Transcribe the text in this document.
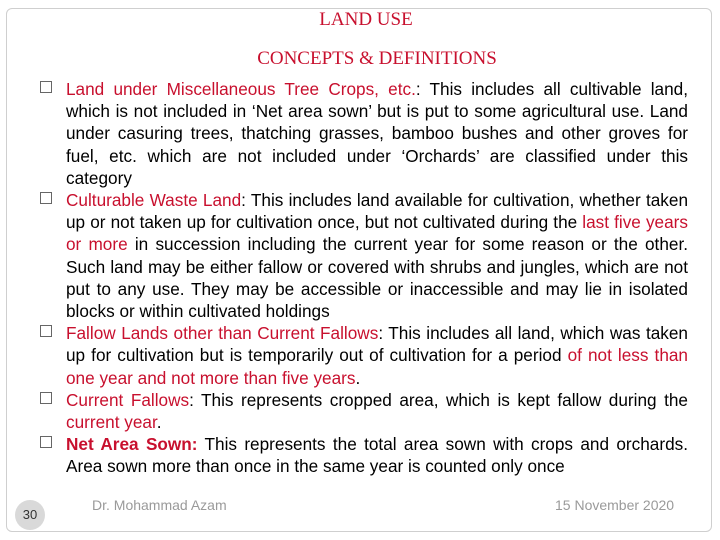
LAND USE
CONCEPTS & DEFINITIONS
Land under Miscellaneous Tree Crops, etc.: This includes all cultivable land, which is not included in ‘Net area sown’ but is put to some agricultural use. Land under casuring trees, thatching grasses, bamboo bushes and other groves for fuel, etc. which are not included under ‘Orchards’ are classified under this category
Culturable Waste Land: This includes land available for cultivation, whether taken up or not taken up for cultivation once, but not cultivated during the last five years or more in succession including the current year for some reason or the other. Such land may be either fallow or covered with shrubs and jungles, which are not put to any use. They may be accessible or inaccessible and may lie in isolated blocks or within cultivated holdings
Fallow Lands other than Current Fallows: This includes all land, which was taken up for cultivation but is temporarily out of cultivation for a period of not less than one year and not more than five years.
Current Fallows: This represents cropped area, which is kept fallow during the current year.
Net Area Sown: This represents the total area sown with crops and orchards. Area sown more than once in the same year is counted only once
30
Dr. Mohammad Azam	15 November 2020
